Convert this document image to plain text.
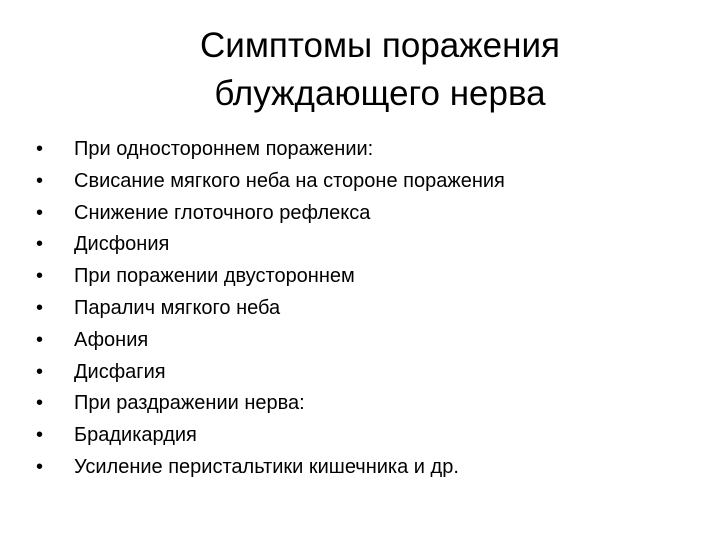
Симптомы поражения
блуждающего нерва
• При одностороннем поражении:
• Свисание мягкого неба на стороне поражения
• Снижение глоточного рефлекса
• Дисфония
• При поражении двустороннем
• Паралич мягкого неба
• Афония
• Дисфагия
• При раздражении нерва:
• Брадикардия
• Усиление перистальтики кишечника и др.
